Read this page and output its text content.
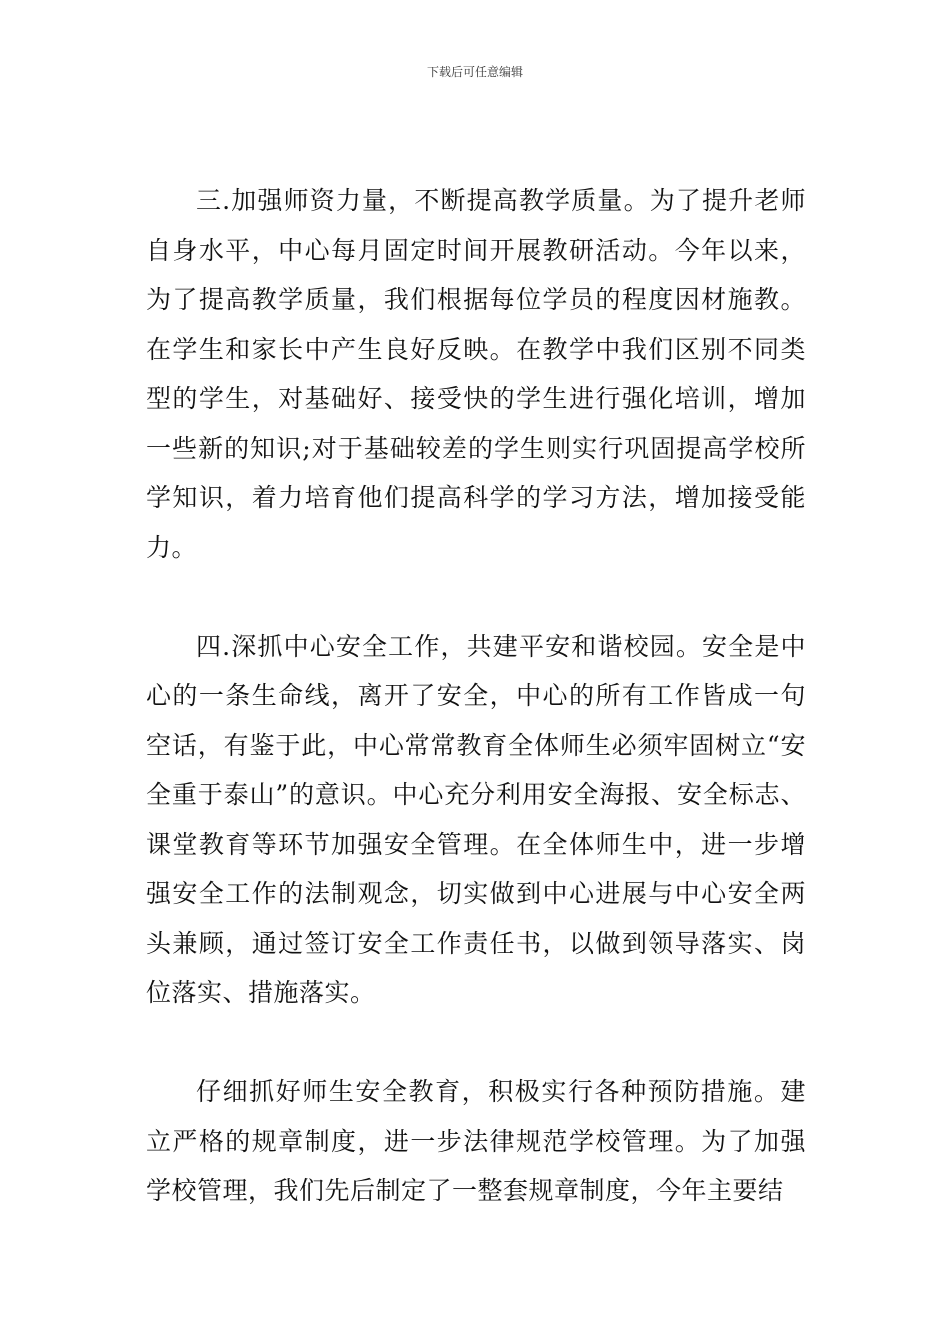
下载后可任意编辑

三.加强师资力量，不断提高教学质量。为了提升老师自身水平，中心每月固定时间开展教研活动。今年以来，为了提高教学质量，我们根据每位学员的程度因材施教。在学生和家长中产生良好反映。在教学中我们区别不同类型的学生，对基础好、接受快的学生进行强化培训，增加一些新的知识;对于基础较差的学生则实行巩固提高学校所学知识，着力培育他们提高科学的学习方法，增加接受能力。

四.深抓中心安全工作，共建平安和谐校园。安全是中心的一条生命线，离开了安全，中心的所有工作皆成一句空话，有鉴于此，中心常常教育全体师生必须牢固树立“安全重于泰山”的意识。中心充分利用安全海报、安全标志、课堂教育等环节加强安全管理。在全体师生中，进一步增强安全工作的法制观念，切实做到中心进展与中心安全两头兼顾，通过签订安全工作责任书，以做到领导落实、岗位落实、措施落实。

仔细抓好师生安全教育，积极实行各种预防措施。建立严格的规章制度，进一步法律规范学校管理。为了加强学校管理，我们先后制定了一整套规章制度，今年主要结
